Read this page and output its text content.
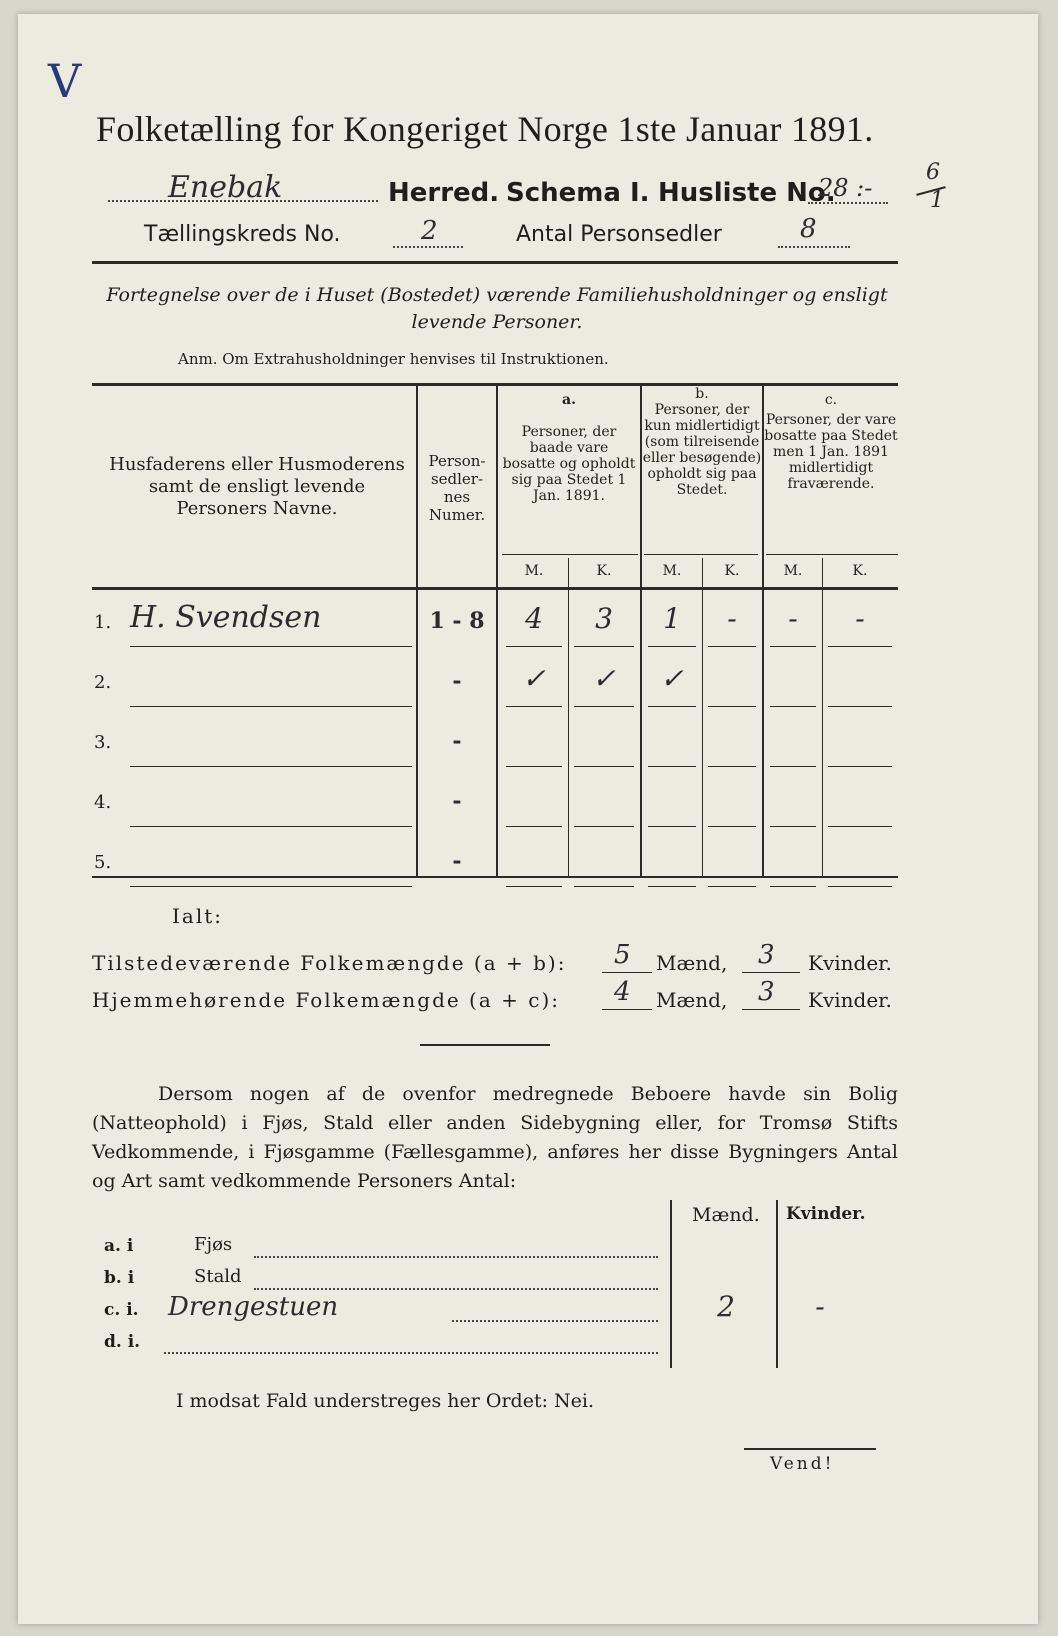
V
Folketælling for Kongeriget Norge 1ste Januar 1891.
Enebak	Herred. Schema I. Husliste No.
28 :-
6
1
Tællingskreds No.	2	Antal Personsedler	8
Fortegnelse over de i Huset (Bostedet) værende Familiehusholdninger og ensligt levende Personer.
Anm. Om Extrahusholdninger henvises til Instruktionen.
Husfaderens eller Husmoderens samt de ensligt levende Personers Navne.
Person-sedler-nes Numer.
a.
Personer, der baade vare bosatte og opholdt sig paa Stedet 1 Jan. 1891.
b.
Personer, der kun midlertidigt (som tilreisende eller besøgende) opholdt sig paa Stedet.
c.
Personer, der vare bosatte paa Stedet men 1 Jan. 1891 midlertidigt fraværende.
M.	K.	M.	K.	M.	K.
1. H. Svendsen	1 - 8	4	3	1	-	-	-
2.	-	✓	✓	✓
3.	-
4.	-
5.	-
Ialt:
Tilstedeværende Folkemængde (a + b): 5 Mænd, 3 Kvinder.
Hjemmehørende Folkemængde (a + c): 4 Mænd, 3 Kvinder.
Dersom nogen af de ovenfor medregnede Beboere havde sin Bolig (Natteophold) i Fjøs, Stald eller anden Sidebygning eller, for Tromsø Stifts Vedkommende, i Fjøsgamme (Fællesgamme), anføres her disse Bygningers Antal og Art samt vedkommende Personers Antal:
Mænd. Kvinder.
a. i	Fjøs
b. i	Stald
c. i. Drengestuen	2	-
d. i.
I modsat Fald understreges her Ordet: Nei.
Vend!
